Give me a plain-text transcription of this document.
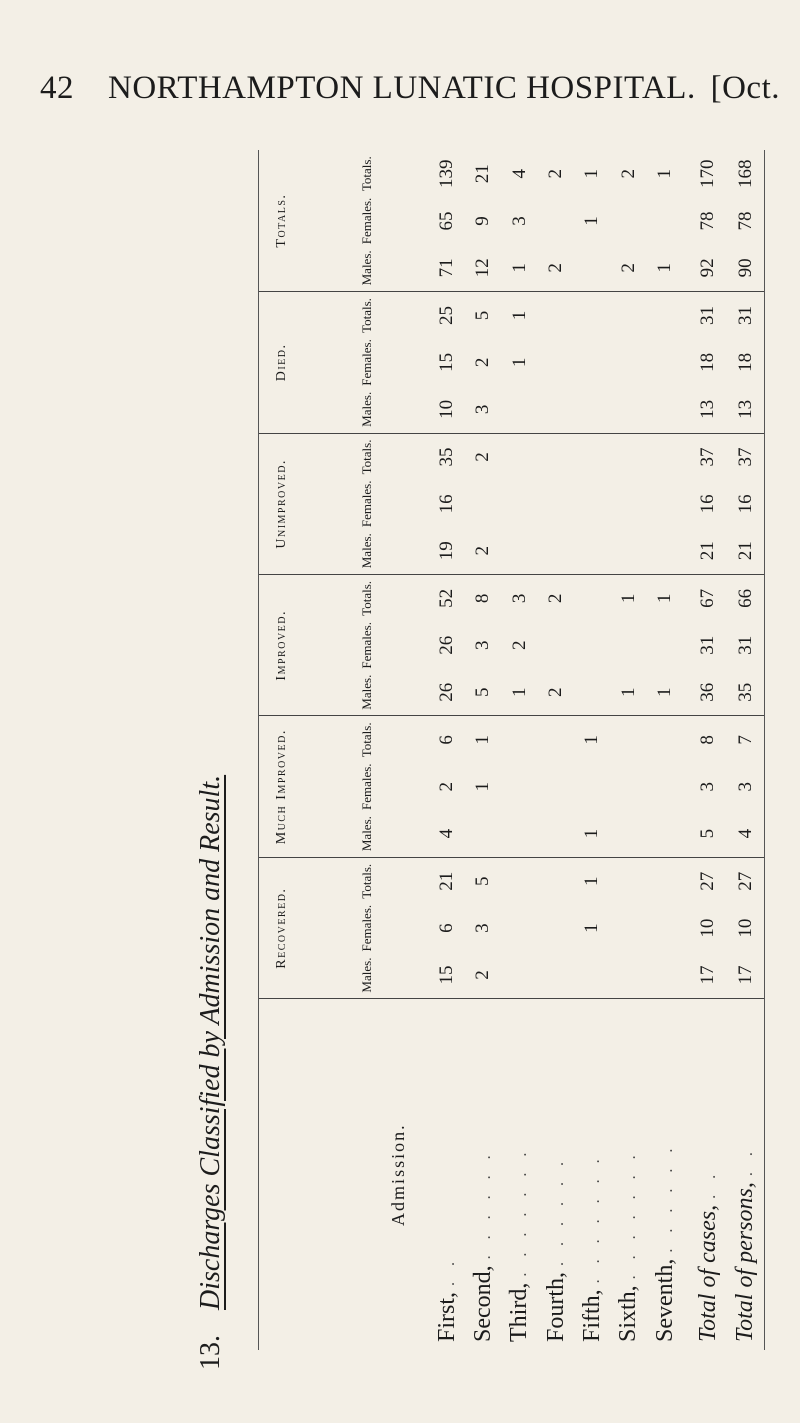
42 NORTHAMPTON LUNATIC HOSPITAL. [Oct.
13. Discharges Classified by Admission and Result.	Admission.	Recovered.			Much Improved.			Improved.			Unimproved.			Died.			Totals.		
	Males.	Females.	Totals.	Males.	Females.	Totals.	Males.	Females.	Totals.	Males.	Females.	Totals.	Males.	Females.	Totals.	Males.	Females.	Totals.
First,. .	15	6	21	4	2	6	26	26	52	19	16	35	10	15	25	71	65	139
Second,. . . . . .	2	3	5		1	1	5	3	8	2		2	3	2	5	12	9	21
Third,. . . . . . .							1	2	3					1	1	1	3	4
Fourth,. . . . . .							2		2							2		2
Fifth,. . . . . . .		1	1	1		1											1	1
Sixth,. . . . . . .							1		1							2		2
Seventh,. . . . . .							1		1							1		1
Total of cases,. .	17	10	27	5	3	8	36	31	67	21	16	37	13	18	31	92	78	170
Total of persons,. .	17	10	27	4	3	7	35	31	66	21	16	37	13	18	31	90	78	168
